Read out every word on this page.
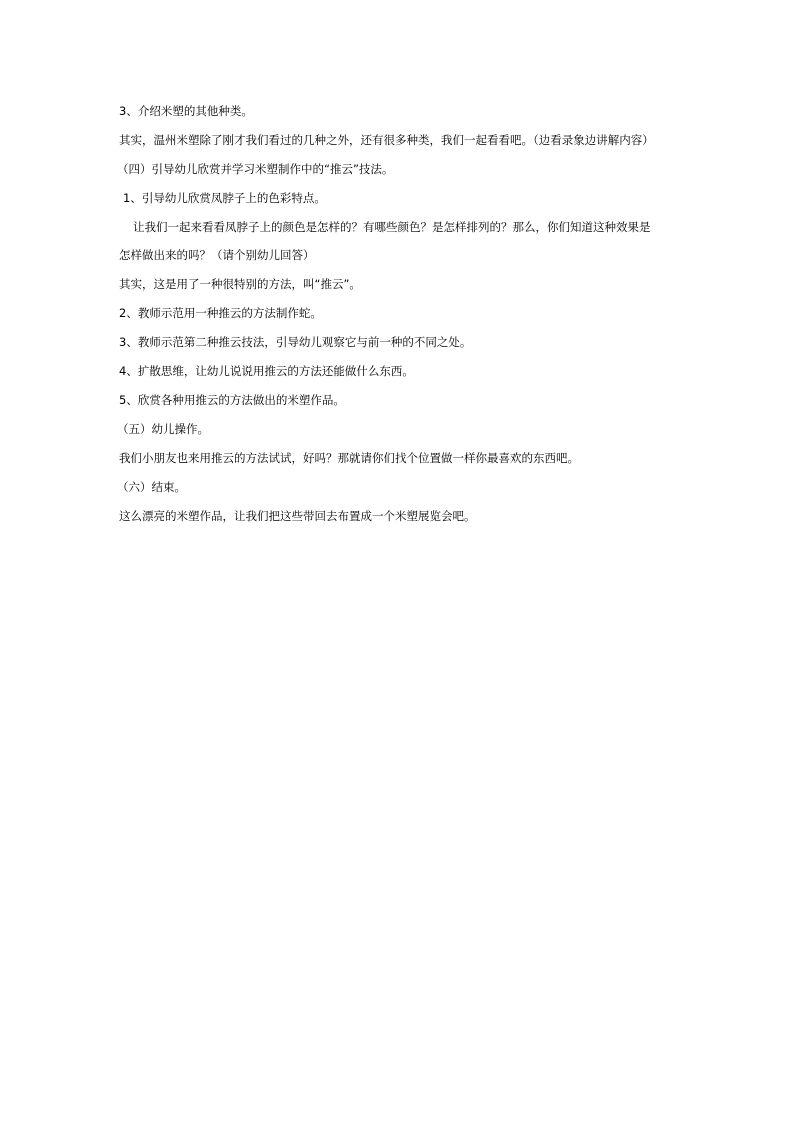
3、介绍米塑的其他种类。

其实，温州米塑除了刚才我们看过的几种之外，还有很多种类，我们一起看看吧。（边看录象边讲解内容）

（四）引导幼儿欣赏并学习米塑制作中的“推云”技法。

1、引导幼儿欣赏凤脖子上的色彩特点。

让我们一起来看看凤脖子上的颜色是怎样的？有哪些颜色？是怎样排列的？那么，你们知道这种效果是

怎样做出来的吗？（请个别幼儿回答）

其实，这是用了一种很特别的方法，叫“推云”。

2、教师示范用一种推云的方法制作蛇。

3、教师示范第二种推云技法，引导幼儿观察它与前一种的不同之处。

4、扩散思维，让幼儿说说用推云的方法还能做什么东西。

5、欣赏各种用推云的方法做出的米塑作品。

（五）幼儿操作。

我们小朋友也来用推云的方法试试，好吗？那就请你们找个位置做一样你最喜欢的东西吧。

（六）结束。

这么漂亮的米塑作品，让我们把这些带回去布置成一个米塑展览会吧。
